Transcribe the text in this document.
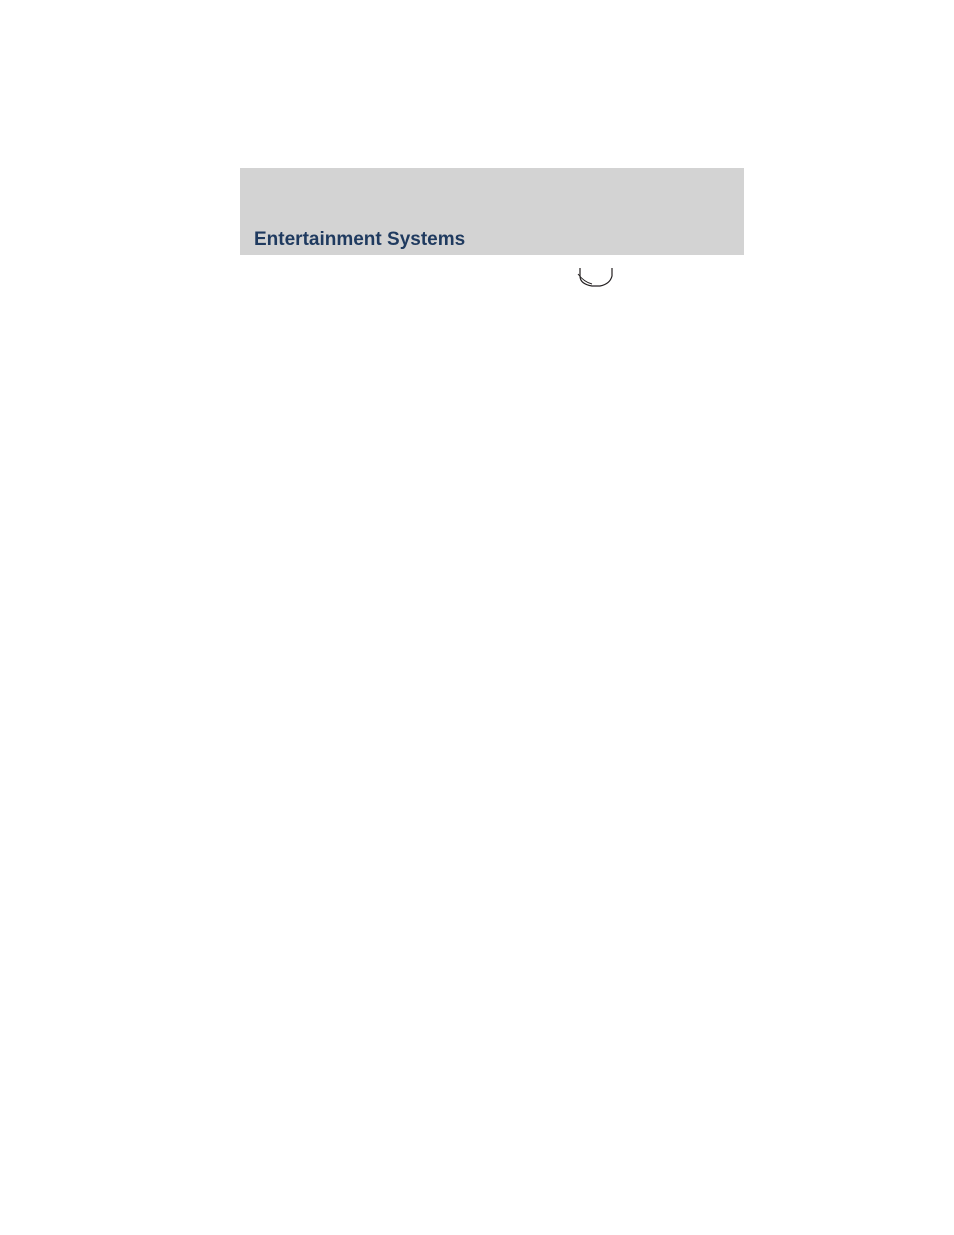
Entertainment Systems
